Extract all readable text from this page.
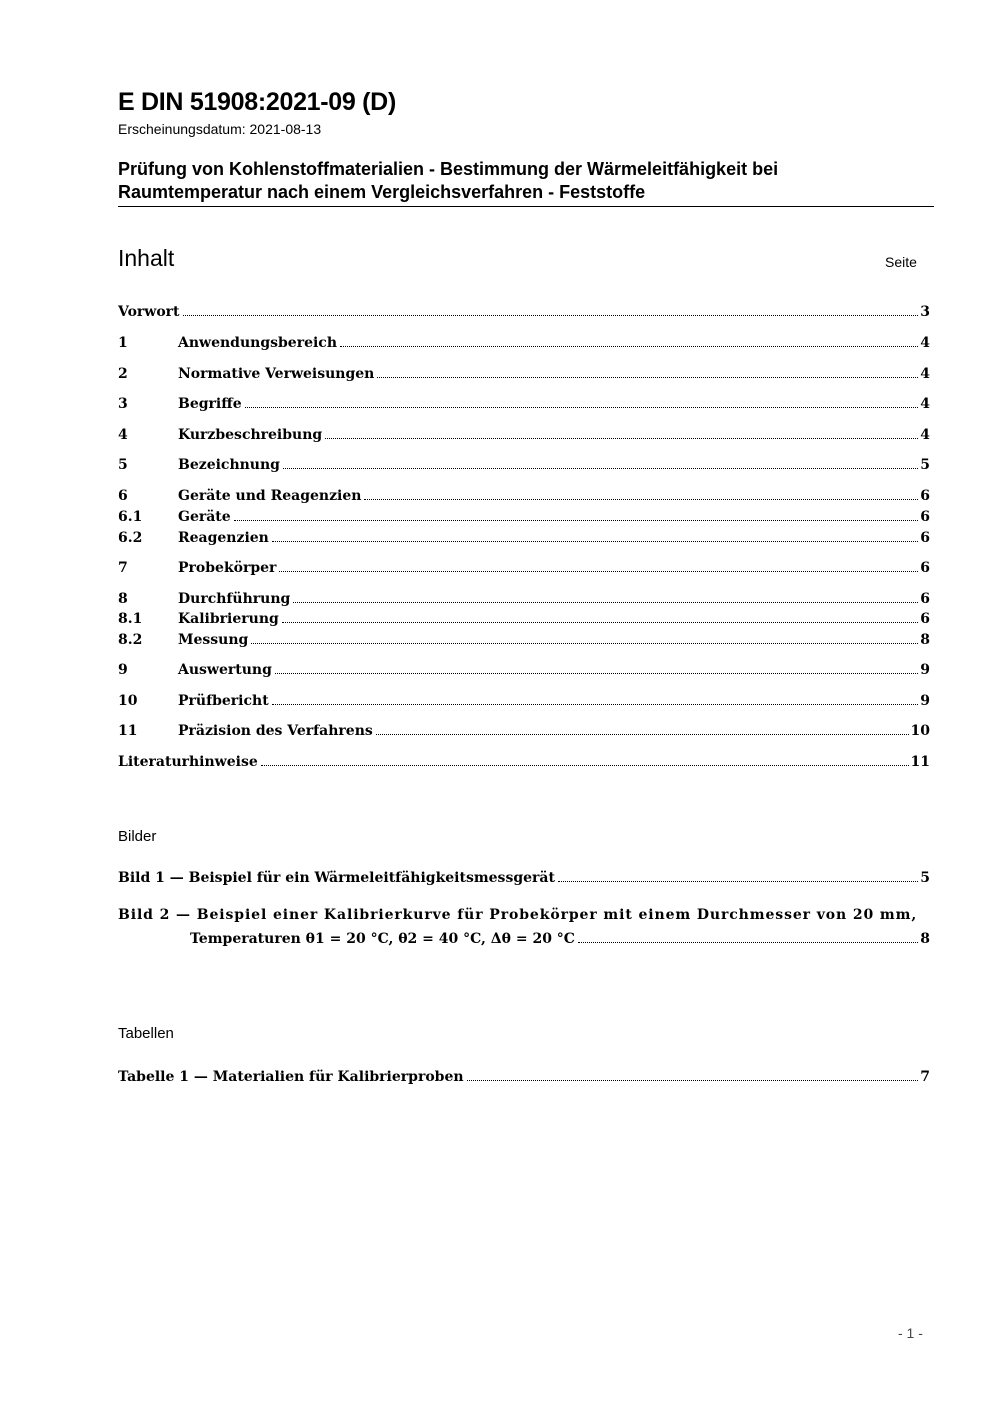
E DIN 51908:2021-09 (D)
Erscheinungsdatum: 2021-08-13
Prüfung von Kohlenstoffmaterialien - Bestimmung der Wärmeleitfähigkeit bei
Raumtemperatur nach einem Vergleichsverfahren - Feststoffe
Inhalt	Seite
Vorwort	3
1	Anwendungsbereich	4
2	Normative Verweisungen	4
3	Begriffe	4
4	Kurzbeschreibung	4
5	Bezeichnung	5
6	Geräte und Reagenzien	6
6.1	Geräte	6
6.2	Reagenzien	6
7	Probekörper	6
8	Durchführung	6
8.1	Kalibrierung	6
8.2	Messung	8
9	Auswertung	9
10	Prüfbericht	9
11	Präzision des Verfahrens	10
Literaturhinweise	11
Bilder
Bild 1 — Beispiel für ein Wärmeleitfähigkeitsmessgerät	5
Bild 2 — Beispiel einer Kalibrierkurve für Probekörper mit einem Durchmesser von 20 mm,
Temperaturen θ1 = 20 °C, θ2 = 40 °C, Δθ = 20 °C	8
Tabellen
Tabelle 1 — Materialien für Kalibrierproben	7
- 1 -
